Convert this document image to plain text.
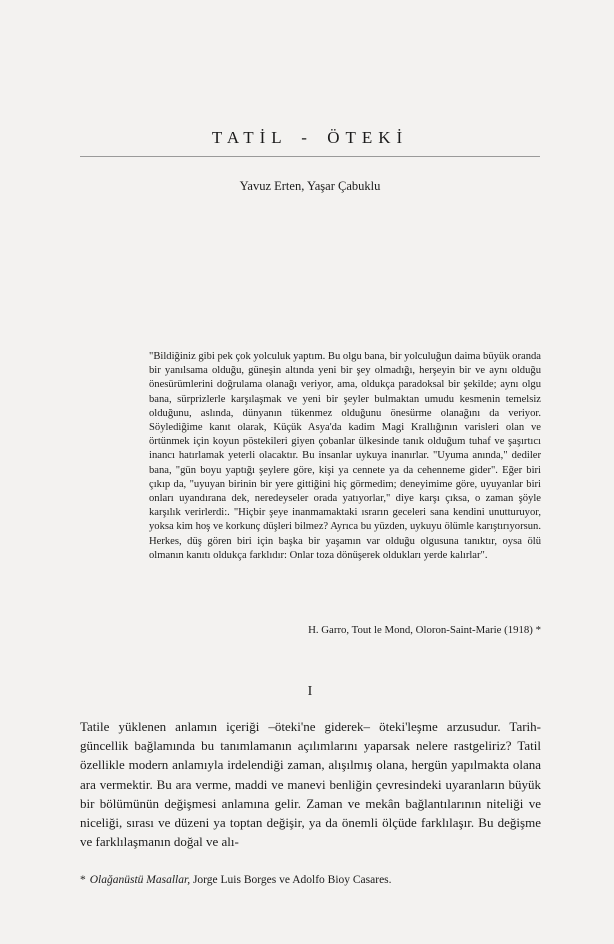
TATİL - ÖTEKİ
Yavuz Erten, Yaşar Çabuklu
"Bildiğiniz gibi pek çok yolculuk yaptım. Bu olgu bana, bir yolculuğun daima büyük oranda bir yanılsama olduğu, güneşin altında yeni bir şey olmadığı, herşeyin bir ve aynı olduğu önesürümlerini doğrulama olanağı veriyor, ama, oldukça paradoksal bir şekilde; aynı olgu bana, sürprizlerle karşılaşmak ve yeni bir şeyler bulmaktan umudu kesmenin temelsiz olduğunu, aslında, dünyanın tükenmez olduğunu önesürme olanağını da veriyor. Söylediğime kanıt olarak, Küçük Asya'da kadim Magi Krallığının varisleri olan ve örtünmek için koyun pöstekileri giyen çobanlar ülkesinde tanık olduğum tuhaf ve şaşırtıcı inancı hatırlamak yeterli olacaktır. Bu insanlar uykuya inanırlar. "Uyuma anında," dediler bana, "gün boyu yaptığı şeylere göre, kişi ya cennete ya da cehenneme gider". Eğer biri çıkıp da, "uyuyan birinin bir yere gittiğini hiç görmedim; deneyimime göre, uyuyanlar biri onları uyandırana dek, neredeyseler orada yatıyorlar," diye karşı çıksa, o zaman şöyle karşılık verirlerdi:. "Hiçbir şeye inanmamaktaki ısrarın geceleri sana kendini unutturuyor, yoksa kim hoş ve korkunç düşleri bilmez? Ayrıca bu yüzden, uykuyu ölümle karıştırıyorsun. Herkes, düş gören biri için başka bir yaşamın var olduğu olgusuna tanıktır, oysa ölü olmanın kanıtı oldukça farklıdır: Onlar toza dönüşerek oldukları yerde kalırlar".
H. Garro, Tout le Mond, Oloron-Saint-Marie (1918) *
I
Tatile yüklenen anlamın içeriği –öteki'ne giderek– öteki'leşme arzusudur. Tarih-güncellik bağlamında bu tanımlamanın açılımlarını yaparsak nelere rastgeliriz? Tatil özellikle modern anlamıyla irdelendiği zaman, alışılmış olana, hergün yapılmakta olana ara vermektir. Bu ara verme, maddi ve manevi benliğin çevresindeki uyaranların büyük bir bölümünün değişmesi anlamına gelir. Zaman ve mekân bağlantılarının niteliği ve niceliği, sırası ve düzeni ya toptan değişir, ya da önemli ölçüde farklılaşır. Bu değişme ve farklılaşmanın doğal ve alı-
* Olağanüstü Masallar, Jorge Luis Borges ve Adolfo Bioy Casares.
